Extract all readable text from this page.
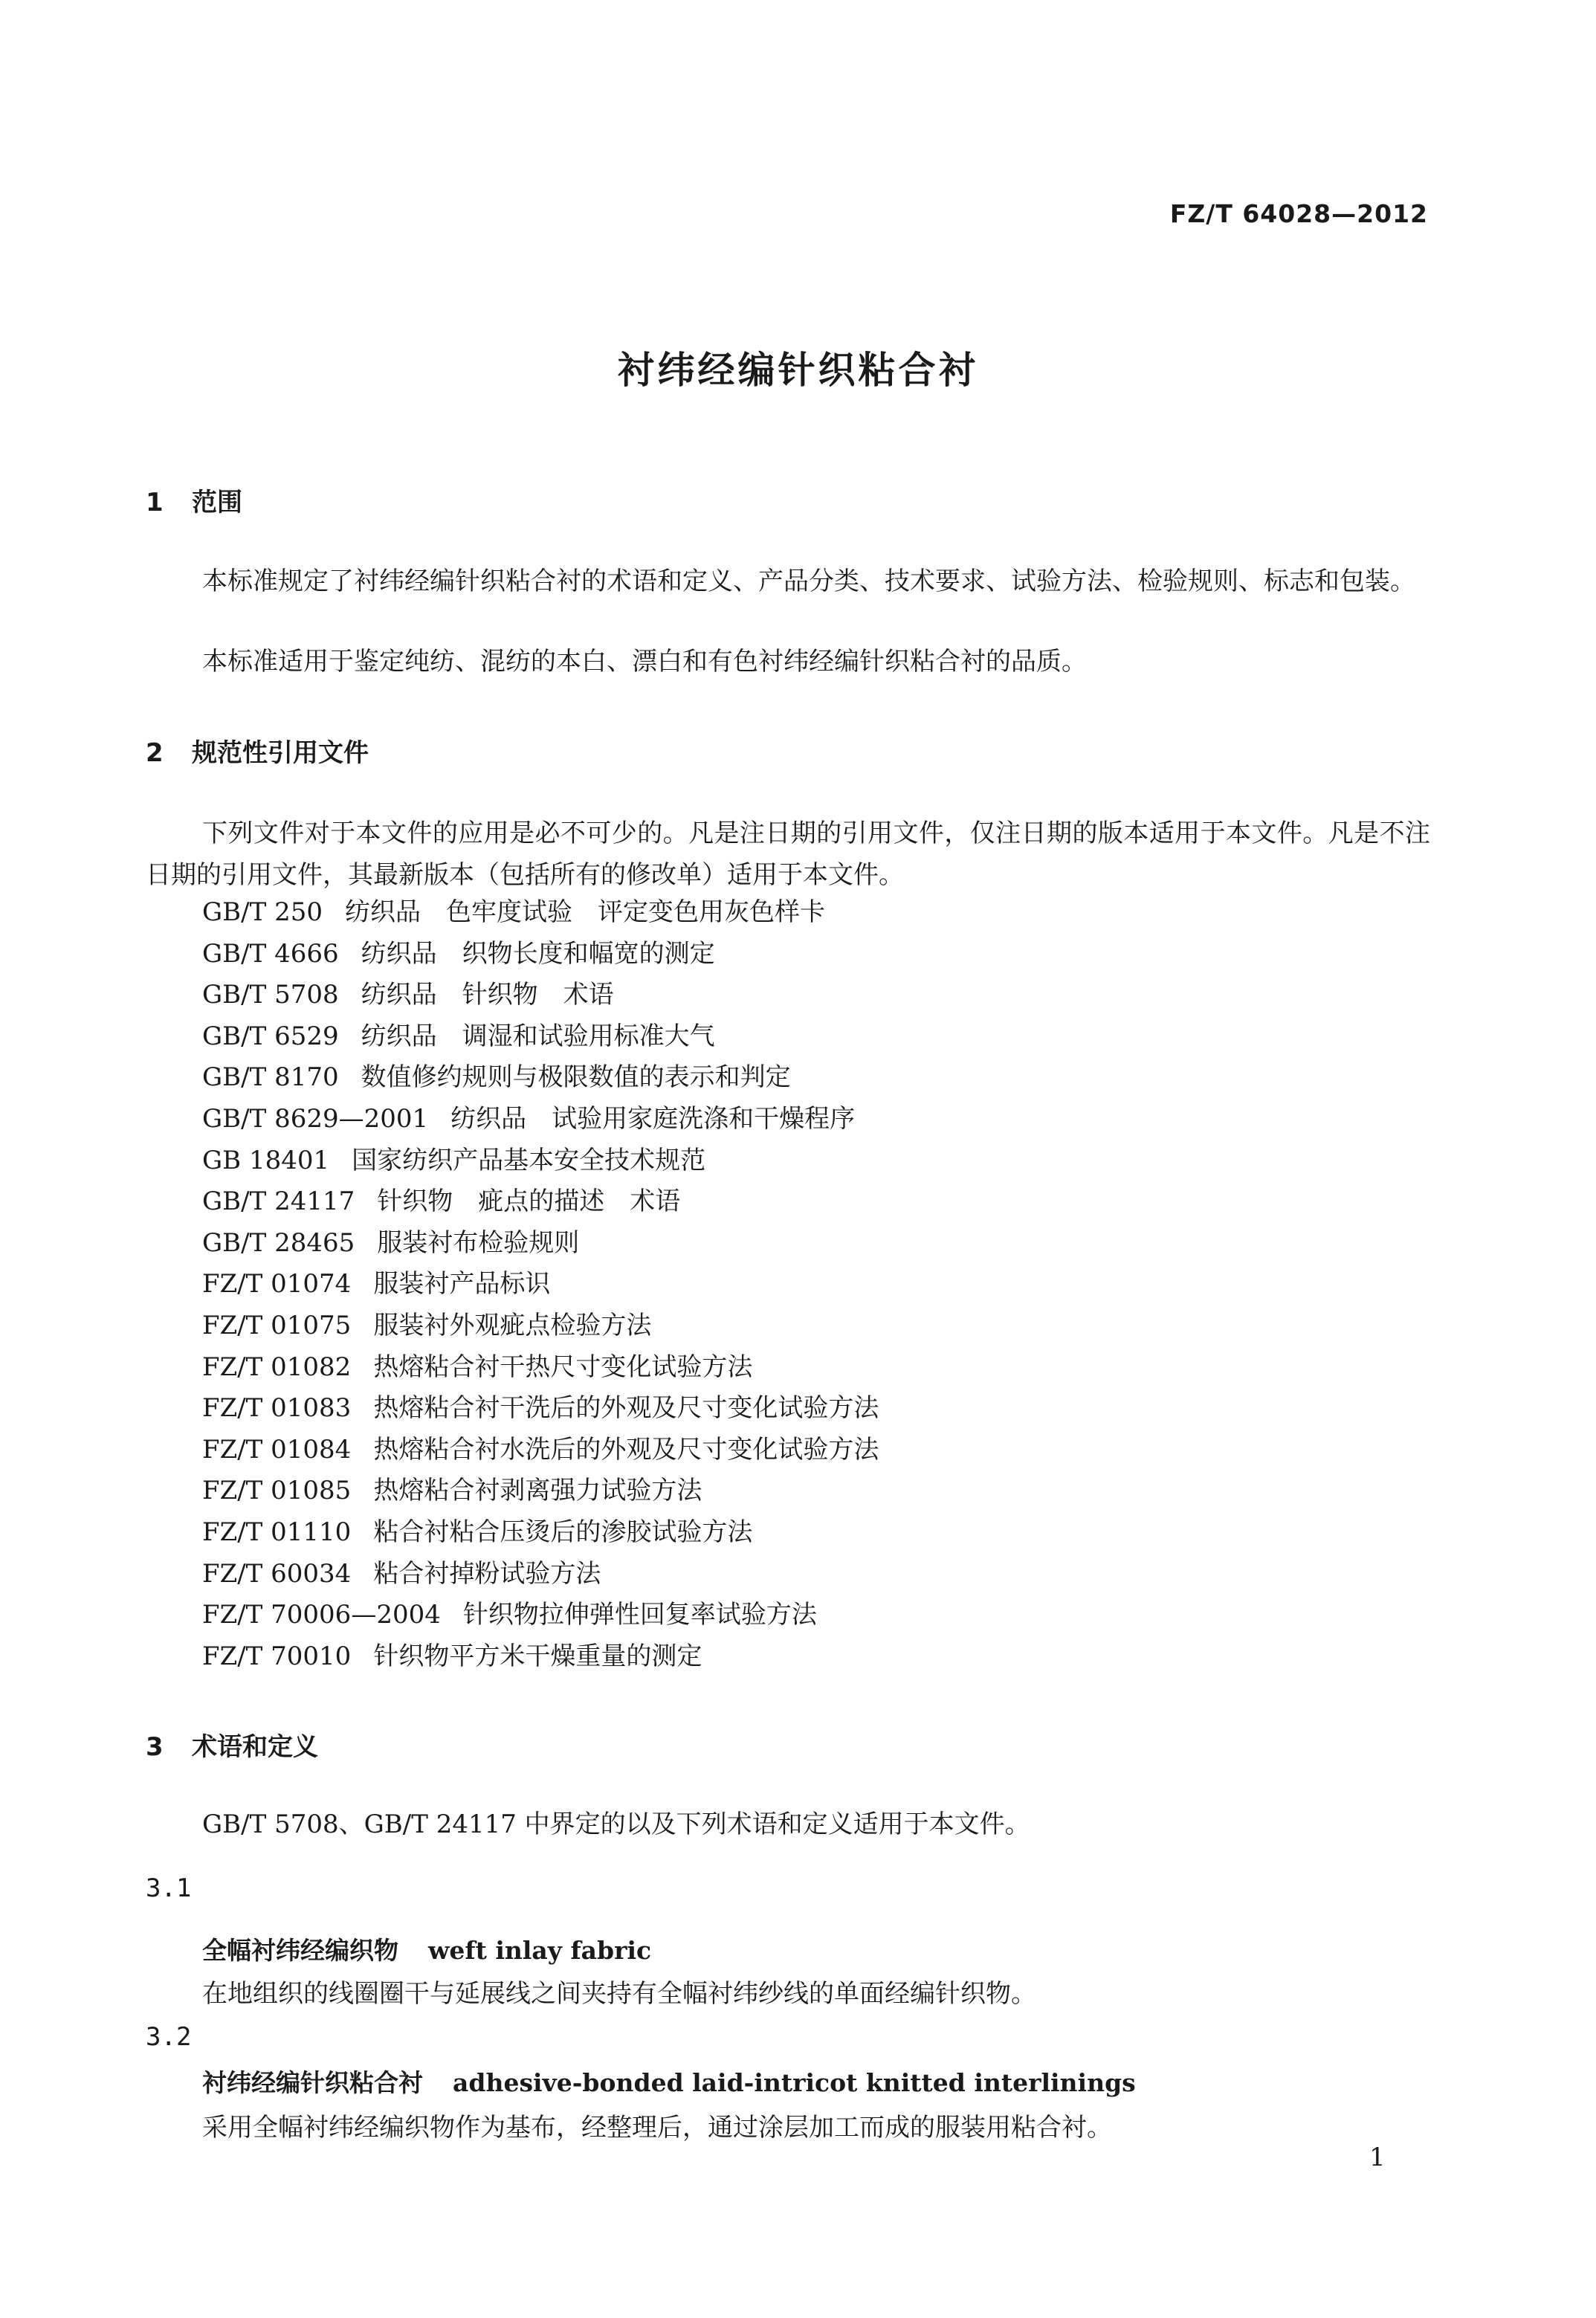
FZ/T 64028—2012
衬纬经编针织粘合衬
1 范围
本标准规定了衬纬经编针织粘合衬的术语和定义、产品分类、技术要求、试验方法、检验规则、标志和包装。
本标准适用于鉴定纯纺、混纺的本白、漂白和有色衬纬经编针织粘合衬的品质。
2 规范性引用文件
下列文件对于本文件的应用是必不可少的。凡是注日期的引用文件，仅注日期的版本适用于本文件。凡是不注日期的引用文件，其最新版本（包括所有的修改单）适用于本文件。
GB/T 250 纺织品　色牢度试验　评定变色用灰色样卡
GB/T 4666 纺织品　织物长度和幅宽的测定
GB/T 5708 纺织品　针织物　术语
GB/T 6529 纺织品　调湿和试验用标准大气
GB/T 8170 数值修约规则与极限数值的表示和判定
GB/T 8629—2001 纺织品　试验用家庭洗涤和干燥程序
GB 18401 国家纺织产品基本安全技术规范
GB/T 24117 针织物　疵点的描述　术语
GB/T 28465 服装衬布检验规则
FZ/T 01074 服装衬产品标识
FZ/T 01075 服装衬外观疵点检验方法
FZ/T 01082 热熔粘合衬干热尺寸变化试验方法
FZ/T 01083 热熔粘合衬干洗后的外观及尺寸变化试验方法
FZ/T 01084 热熔粘合衬水洗后的外观及尺寸变化试验方法
FZ/T 01085 热熔粘合衬剥离强力试验方法
FZ/T 01110 粘合衬粘合压烫后的渗胶试验方法
FZ/T 60034 粘合衬掉粉试验方法
FZ/T 70006—2004 针织物拉伸弹性回复率试验方法
FZ/T 70010 针织物平方米干燥重量的测定
3 术语和定义
GB/T 5708、GB/T 24117 中界定的以及下列术语和定义适用于本文件。
3.1
全幅衬纬经编织物 weft inlay fabric
在地组织的线圈圈干与延展线之间夹持有全幅衬纬纱线的单面经编针织物。
3.2
衬纬经编针织粘合衬 adhesive-bonded laid-intricot knitted interlinings
采用全幅衬纬经编织物作为基布，经整理后，通过涂层加工而成的服装用粘合衬。
1
